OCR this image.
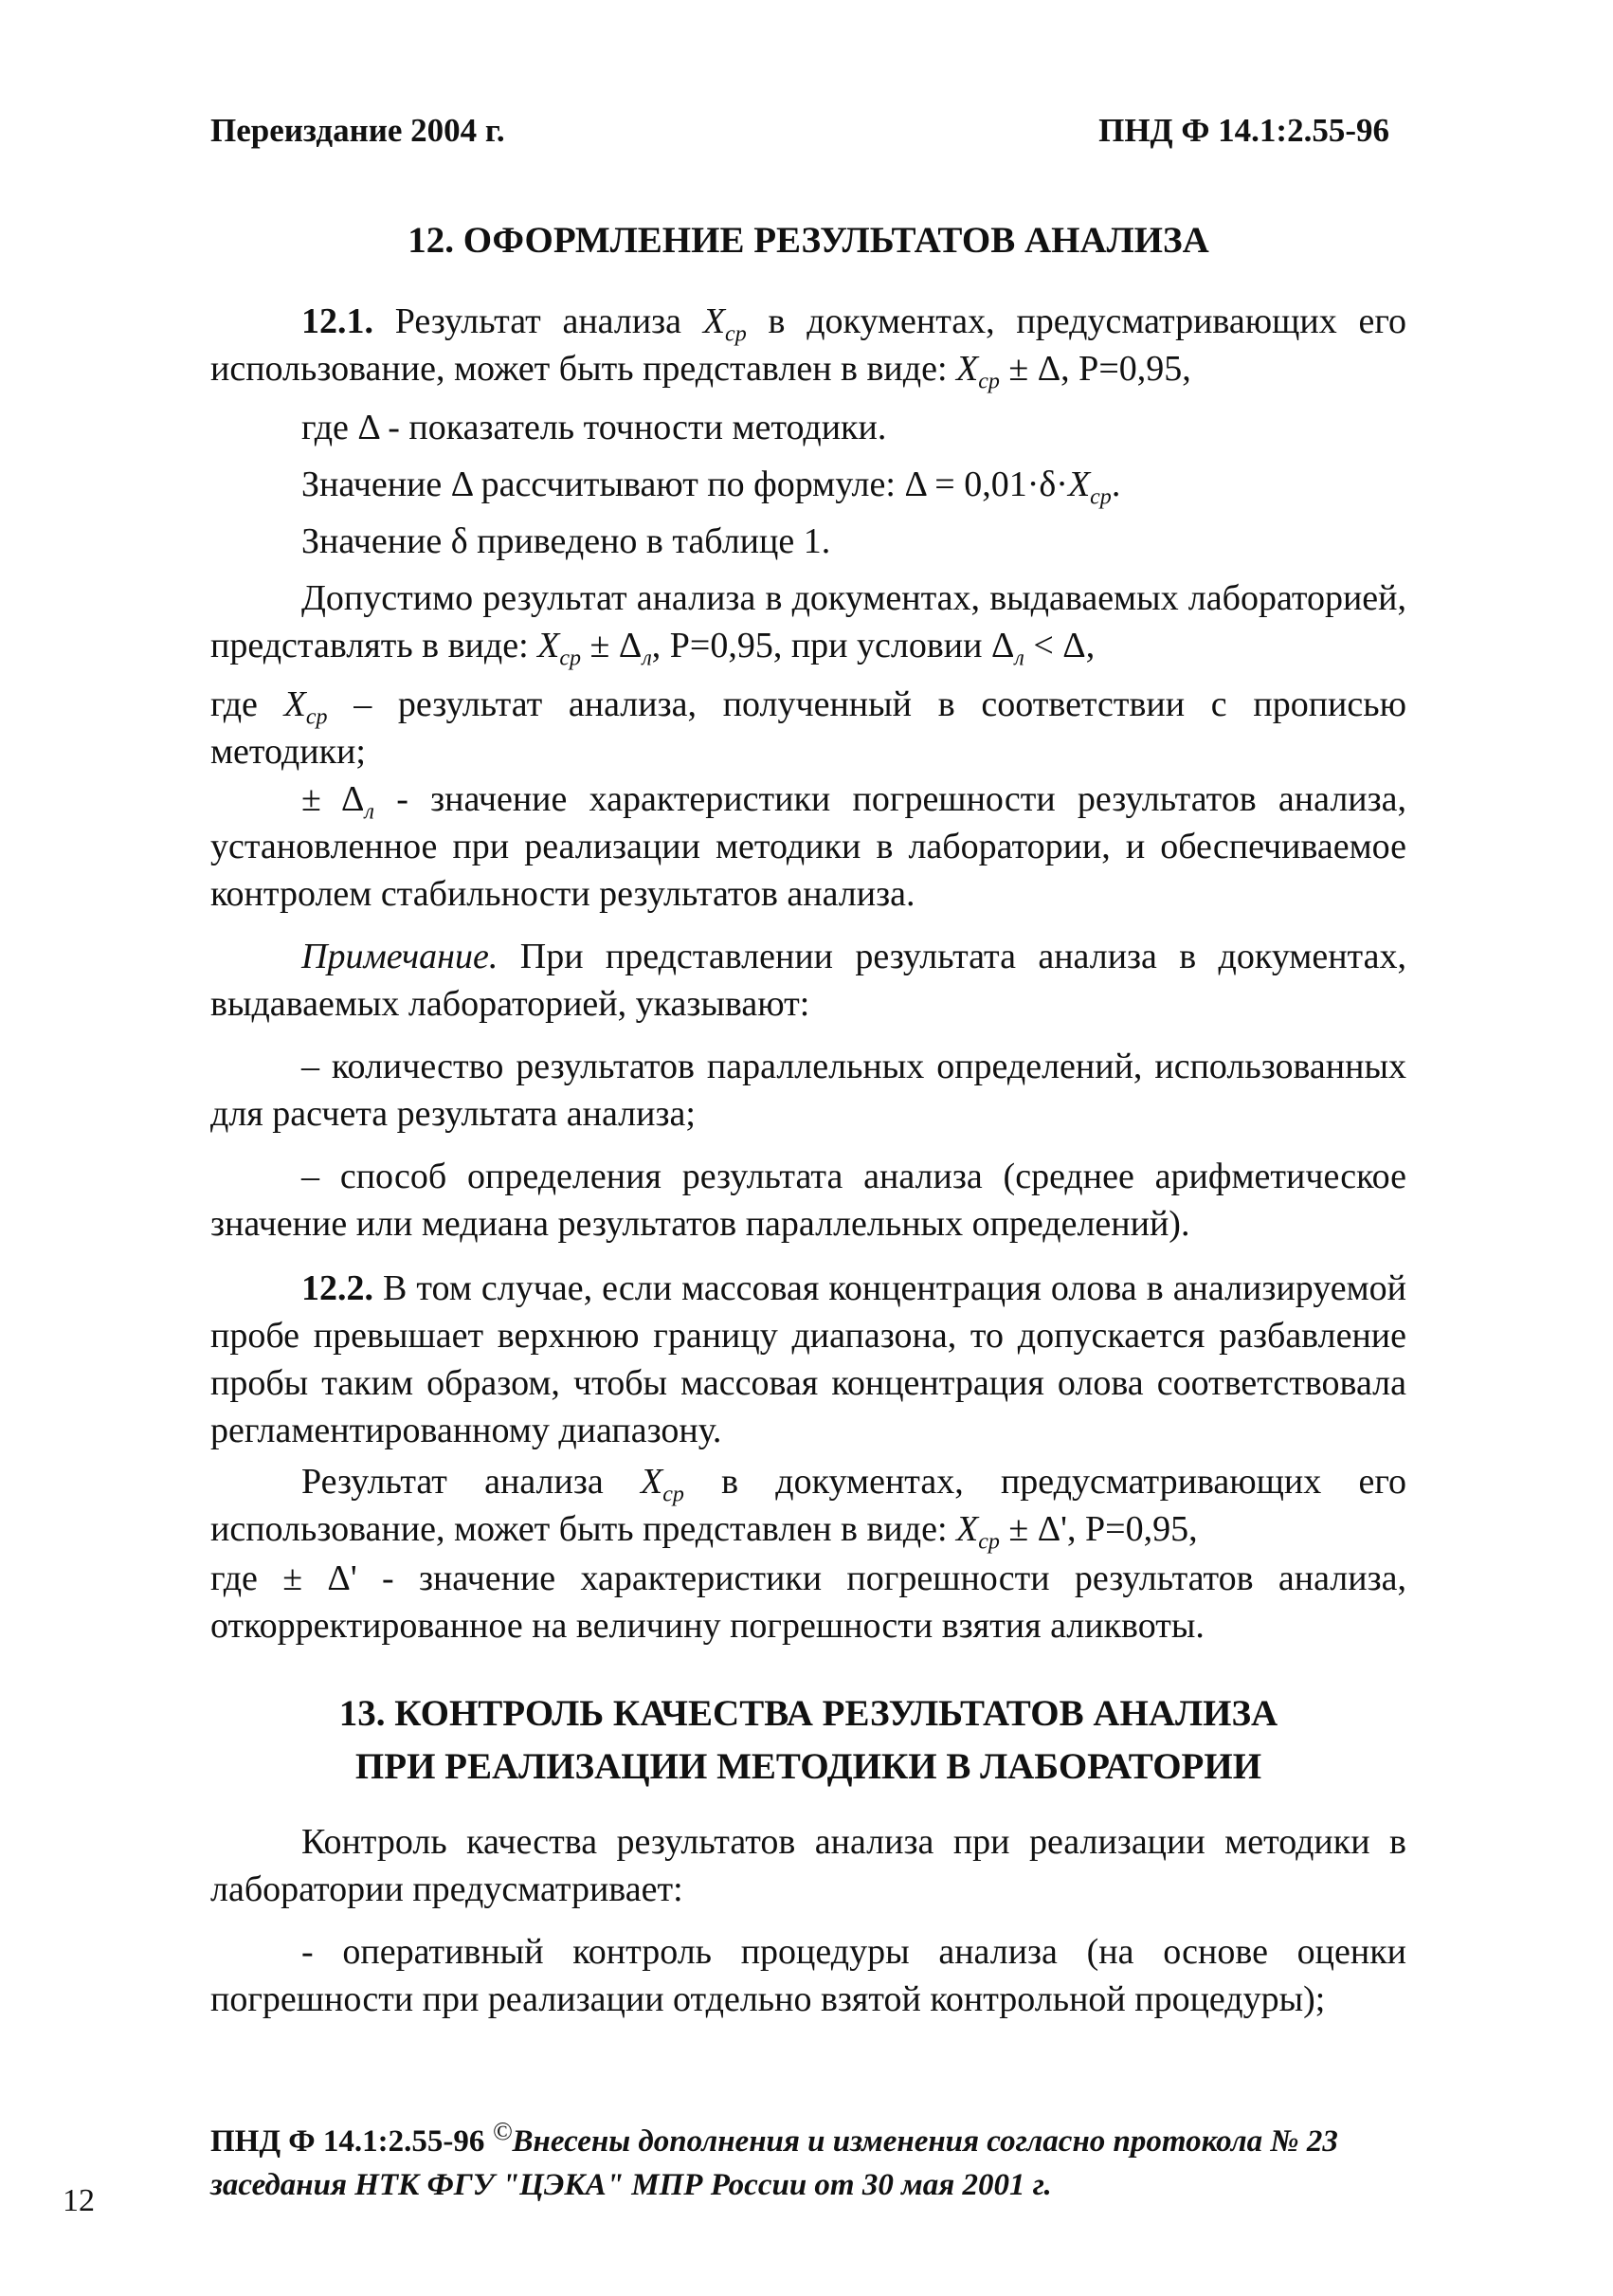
Переиздание 2004 г.	ПНД Ф 14.1:2.55-96
12. ОФОРМЛЕНИЕ РЕЗУЛЬТАТОВ АНАЛИЗА
12.1. Результат анализа $X_{ср}$ в документах, предусматривающих его использование, может быть представлен в виде: $X_{ср} \pm \Delta$, Р=0,95,
где Δ - показатель точности методики.
Значение Δ рассчитывают по формуле: $\Delta = 0,01\cdot\delta\cdot X_{ср}$.
Значение δ приведено в таблице 1.
Допустимо результат анализа в документах, выдаваемых лабораторией, представлять в виде: $X_{ср} \pm \Delta_л$, Р=0,95, при условии $\Delta_л < \Delta$,
где $X_{ср}$ – результат анализа, полученный в соответствии с прописью методики;
± $\Delta_л$ - значение характеристики погрешности результатов анализа, установленное при реализации методики в лаборатории, и обеспечиваемое контролем стабильности результатов анализа.
Примечание. При представлении результата анализа в документах, выдаваемых лабораторией, указывают:
– количество результатов параллельных определений, использованных для расчета результата анализа;
– способ определения результата анализа (среднее арифметическое значение или медиана результатов параллельных определений).
12.2. В том случае, если массовая концентрация олова в анализируемой пробе превышает верхнюю границу диапазона, то допускается разбавление пробы таким образом, чтобы массовая концентрация олова соответствовала регламентированному диапазону.
Результат анализа $X_{ср}$ в документах, предусматривающих его использование, может быть представлен в виде: $X_{ср} \pm \Delta'$, Р=0,95,
где ± Δ' - значение характеристики погрешности результатов анализа, откорректированное на величину погрешности взятия аликвоты.
13. КОНТРОЛЬ КАЧЕСТВА РЕЗУЛЬТАТОВ АНАЛИЗА
ПРИ РЕАЛИЗАЦИИ МЕТОДИКИ В ЛАБОРАТОРИИ
Контроль качества результатов анализа при реализации методики в лаборатории предусматривает:
- оперативный контроль процедуры анализа (на основе оценки погрешности при реализации отдельно взятой контрольной процедуры);
ПНД Ф 14.1:2.55-96 ©Внесены дополнения и изменения согласно протокола № 23 заседания НТК ФГУ "ЦЭКА" МПР России от 30 мая 2001 г.
12
